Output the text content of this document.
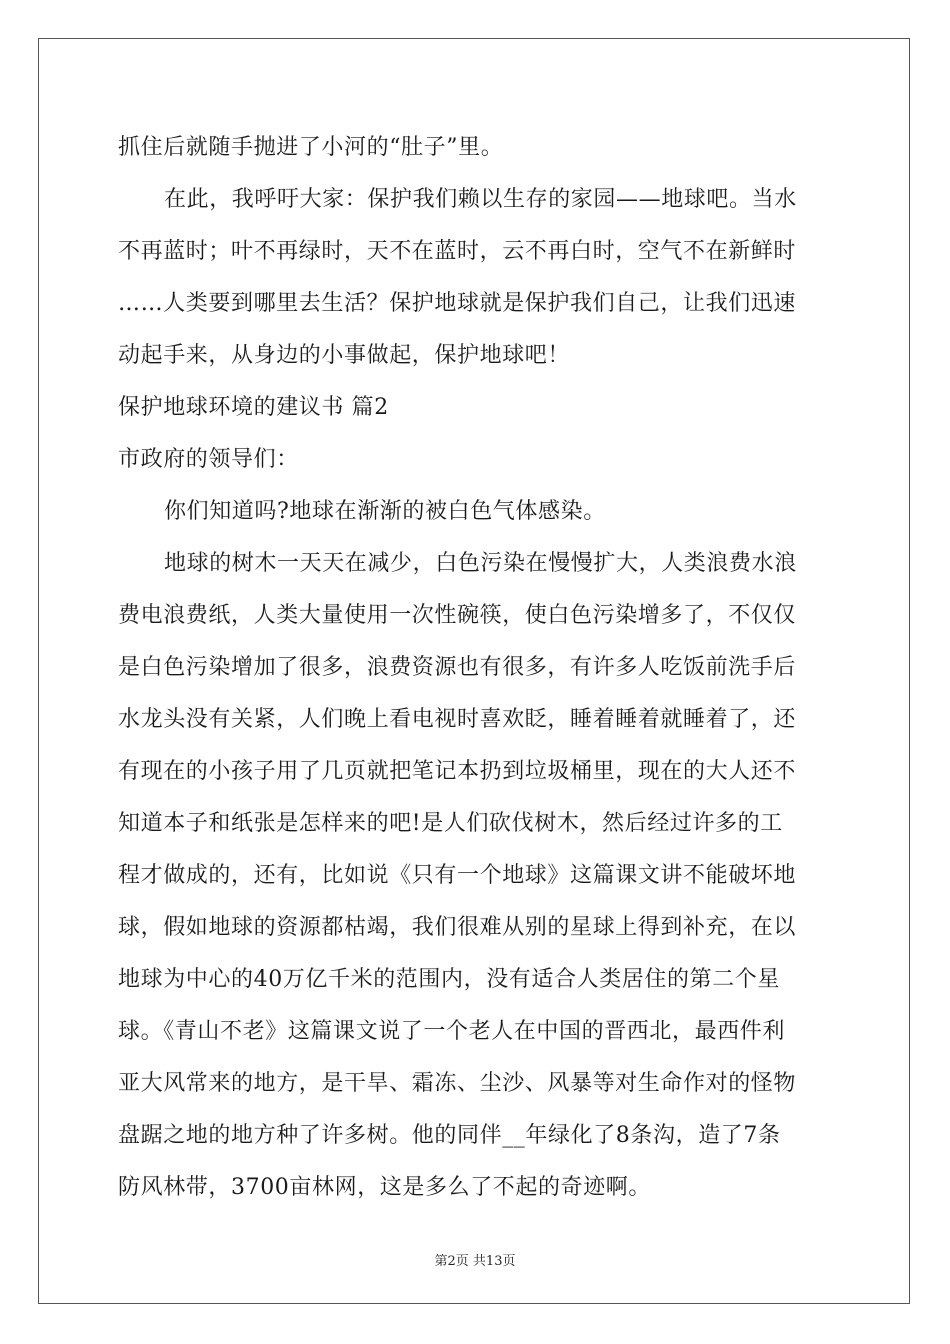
抓住后就随手抛进了小河的“肚子”里。
在此，我呼吁大家：保护我们赖以生存的家园——地球吧。当水
不再蓝时；叶不再绿时，天不在蓝时，云不再白时，空气不在新鲜时
……人类要到哪里去生活？保护地球就是保护我们自己，让我们迅速
动起手来，从身边的小事做起，保护地球吧！
保护地球环境的建议书 篇2
市政府的领导们：
你们知道吗?地球在渐渐的被白色气体感染。
地球的树木一天天在减少，白色污染在慢慢扩大，人类浪费水浪
费电浪费纸，人类大量使用一次性碗筷，使白色污染增多了，不仅仅
是白色污染增加了很多，浪费资源也有很多，有许多人吃饭前洗手后
水龙头没有关紧，人们晚上看电视时喜欢眨，睡着睡着就睡着了，还
有现在的小孩子用了几页就把笔记本扔到垃圾桶里，现在的大人还不
知道本子和纸张是怎样来的吧!是人们砍伐树木，然后经过许多的工
程才做成的，还有，比如说《只有一个地球》这篇课文讲不能破坏地
球，假如地球的资源都枯竭，我们很难从别的星球上得到补充，在以
地球为中心的40万亿千米的范围内，没有适合人类居住的第二个星
球。《青山不老》这篇课文说了一个老人在中国的晋西北，最西件利
亚大风常来的地方，是干旱、霜冻、尘沙、风暴等对生命作对的怪物
盘踞之地的地方种了许多树。他的同伴__年绿化了8条沟，造了7条
防风林带，3700亩林网，这是多么了不起的奇迹啊。
第2页 共13页
